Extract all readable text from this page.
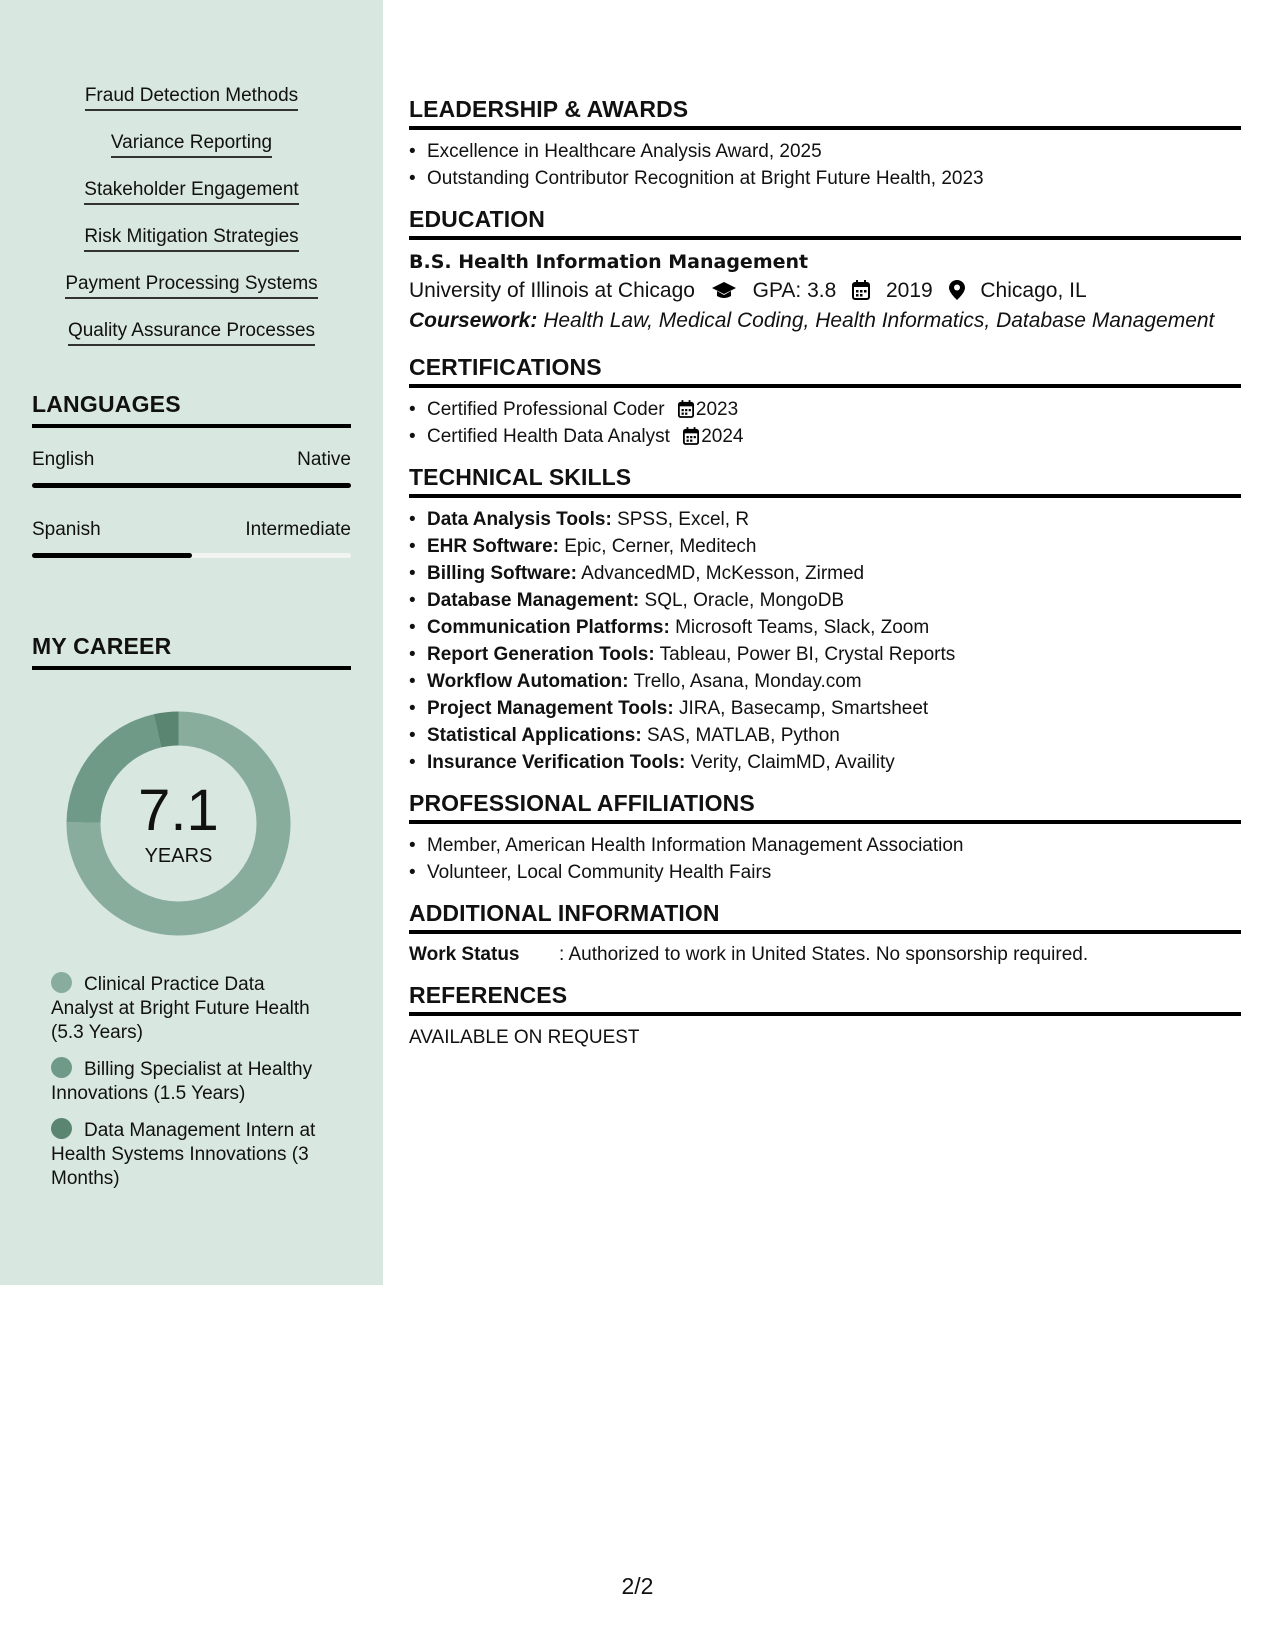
Fraud Detection Methods
Variance Reporting
Stakeholder Engagement
Risk Mitigation Strategies
Payment Processing Systems
Quality Assurance Processes
LANGUAGES
English	Native
Spanish	Intermediate
MY CAREER
7.1
YEARS
Clinical Practice Data Analyst at Bright Future Health (5.3 Years)
Billing Specialist at Healthy Innovations (1.5 Years)
Data Management Intern at Health Systems Innovations (3 Months)
LEADERSHIP & AWARDS
• Excellence in Healthcare Analysis Award, 2025
• Outstanding Contributor Recognition at Bright Future Health, 2023
EDUCATION
B.S. Health Information Management
University of Illinois at Chicago	GPA: 3.8 2019 Chicago, IL
Coursework: Health Law, Medical Coding, Health Informatics, Database Management
CERTIFICATIONS
• Certified Professional Coder 2023
• Certified Health Data Analyst 2024
TECHNICAL SKILLS
• Data Analysis Tools: SPSS, Excel, R
• EHR Software: Epic, Cerner, Meditech
• Billing Software: AdvancedMD, McKesson, Zirmed
• Database Management: SQL, Oracle, MongoDB
• Communication Platforms: Microsoft Teams, Slack, Zoom
• Report Generation Tools: Tableau, Power BI, Crystal Reports
• Workflow Automation: Trello, Asana, Monday.com
• Project Management Tools: JIRA, Basecamp, Smartsheet
• Statistical Applications: SAS, MATLAB, Python
• Insurance Verification Tools: Verity, ClaimMD, Availity
PROFESSIONAL AFFILIATIONS
• Member, American Health Information Management Association
• Volunteer, Local Community Health Fairs
ADDITIONAL INFORMATION
Work Status	: Authorized to work in United States. No sponsorship required.
REFERENCES
AVAILABLE ON REQUEST
2/2
